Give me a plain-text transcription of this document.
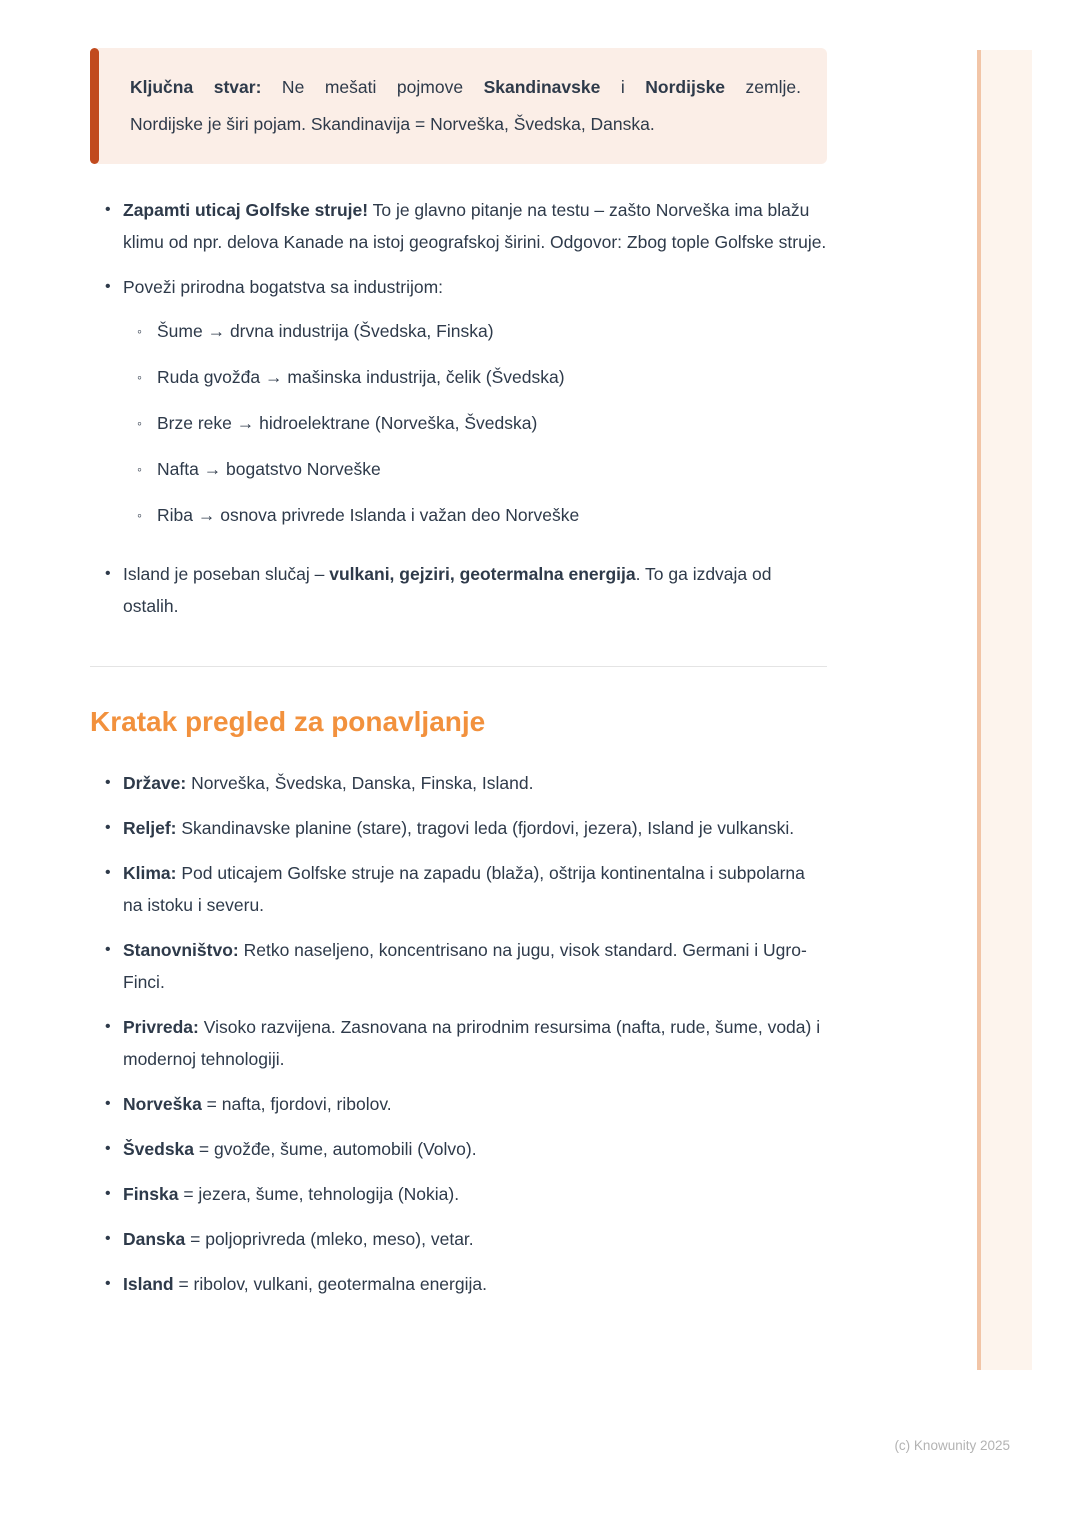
Ključna stvar: Ne mešati pojmove Skandinavske i Nordijske zemlje.

Nordijske je širi pojam. Skandinavija = Norveška, Švedska, Danska.

• Zapamti uticaj Golfske struje! To je glavno pitanje na testu – zašto Norveška ima blažu klimu od npr. delova Kanade na istoj geografskoj širini. Odgovor: Zbog tople Golfske struje.
• Poveži prirodna bogatstva sa industrijom:
◦ Šume → drvna industrija (Švedska, Finska)
◦ Ruda gvožđa → mašinska industrija, čelik (Švedska)
◦ Brze reke → hidroelektrane (Norveška, Švedska)
◦ Nafta → bogatstvo Norveške
◦ Riba → osnova privrede Islanda i važan deo Norveške
• Island je poseban slučaj – vulkani, gejziri, geotermalna energija. To ga izdvaja od ostalih.
Kratak pregled za ponavljanje
• Države: Norveška, Švedska, Danska, Finska, Island.
• Reljef: Skandinavske planine (stare), tragovi leda (fjordovi, jezera), Island je vulkanski.
• Klima: Pod uticajem Golfske struje na zapadu (blaža), oštrija kontinentalna i subpolarna na istoku i severu.
• Stanovništvo: Retko naseljeno, koncentrisano na jugu, visok standard. Germani i Ugro-Finci.
• Privreda: Visoko razvijena. Zasnovana na prirodnim resursima (nafta, rude, šume, voda) i modernoj tehnologiji.
• Norveška = nafta, fjordovi, ribolov.
• Švedska = gvožđe, šume, automobili (Volvo).
• Finska = jezera, šume, tehnologija (Nokia).
• Danska = poljoprivreda (mleko, meso), vetar.
• Island = ribolov, vulkani, geotermalna energija.
(c) Knowunity 2025
